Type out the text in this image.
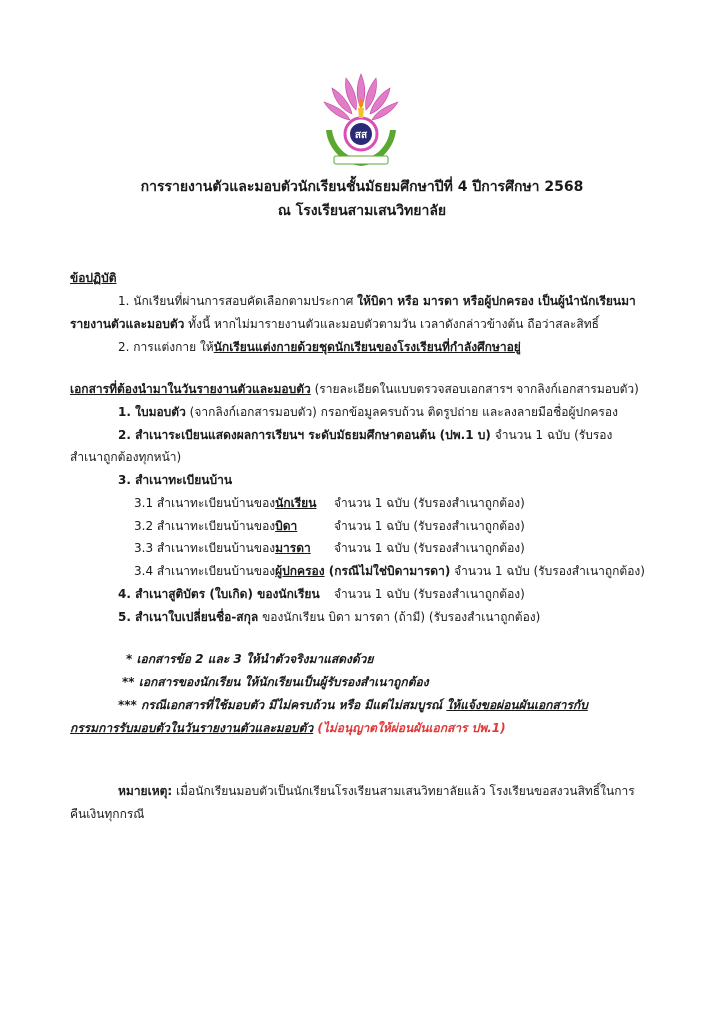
สส
การรายงานตัวและมอบตัวนักเรียนชั้นมัธยมศึกษาปีที่ 4 ปีการศึกษา 2568
ณ โรงเรียนสามเสนวิทยาลัย
ข้อปฏิบัติ
1. นักเรียนที่ผ่านการสอบคัดเลือกตามประกาศ ให้บิดา หรือ มารดา หรือผู้ปกครอง เป็นผู้นำนักเรียนมา
รายงานตัวและมอบตัว ทั้งนี้ หากไม่มารายงานตัวและมอบตัวตามวัน เวลาดังกล่าวข้างต้น ถือว่าสละสิทธิ์
2. การแต่งกาย ให้นักเรียนแต่งกายด้วยชุดนักเรียนของโรงเรียนที่กำลังศึกษาอยู่
เอกสารที่ต้องนำมาในวันรายงานตัวและมอบตัว (รายละเอียดในแบบตรวจสอบเอกสารฯ จากลิงก์เอกสารมอบตัว)
1. ใบมอบตัว (จากลิงก์เอกสารมอบตัว) กรอกข้อมูลครบถ้วน ติดรูปถ่าย และลงลายมือชื่อผู้ปกครอง
2. สำเนาระเบียนแสดงผลการเรียนฯ ระดับมัธยมศึกษาตอนต้น (ปพ.1 บ) จำนวน 1 ฉบับ (รับรอง
สำเนาถูกต้องทุกหน้า)
3. สำเนาทะเบียนบ้าน
3.1 สำเนาทะเบียนบ้านของนักเรียน จำนวน 1 ฉบับ (รับรองสำเนาถูกต้อง)
3.2 สำเนาทะเบียนบ้านของบิดา	จำนวน 1 ฉบับ (รับรองสำเนาถูกต้อง)
3.3 สำเนาทะเบียนบ้านของมารดา จำนวน 1 ฉบับ (รับรองสำเนาถูกต้อง)
3.4 สำเนาทะเบียนบ้านของผู้ปกครอง (กรณีไม่ใช่บิดามารดา) จำนวน 1 ฉบับ (รับรองสำเนาถูกต้อง)
4. สำเนาสูติบัตร (ใบเกิด) ของนักเรียน จำนวน 1 ฉบับ (รับรองสำเนาถูกต้อง)
5. สำเนาใบเปลี่ยนชื่อ-สกุล ของนักเรียน บิดา มารดา (ถ้ามี) (รับรองสำเนาถูกต้อง)
* เอกสารข้อ 2 และ 3 ให้นำตัวจริงมาแสดงด้วย
** เอกสารของนักเรียน ให้นักเรียนเป็นผู้รับรองสำเนาถูกต้อง
*** กรณีเอกสารที่ใช้มอบตัว มีไม่ครบถ้วน หรือ มีแต่ไม่สมบูรณ์ ให้แจ้งขอผ่อนผันเอกสารกับ
กรรมการรับมอบตัวในวันรายงานตัวและมอบตัว (ไม่อนุญาตให้ผ่อนผันเอกสาร ปพ.1)
หมายเหตุ: เมื่อนักเรียนมอบตัวเป็นนักเรียนโรงเรียนสามเสนวิทยาลัยแล้ว โรงเรียนขอสงวนสิทธิ์ในการ
คืนเงินทุกกรณี
